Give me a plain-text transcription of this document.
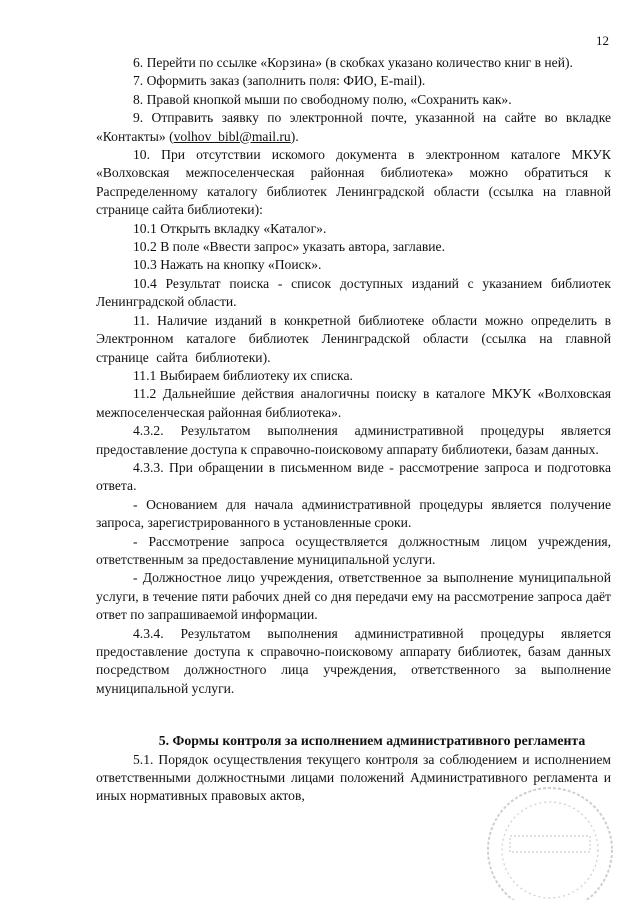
12

6. Перейти по ссылке «Корзина» (в скобках указано количество книг в ней).

7. Оформить заказ (заполнить поля: ФИО, E-mail).

8. Правой кнопкой мыши по свободному полю, «Сохранить как».

9. Отправить заявку по электронной почте, указанной на сайте во вкладке «Контакты» (volhov_bibl@mail.ru).

10. При отсутствии искомого документа в электронном каталоге МКУК «Волховская межпоселенческая районная библиотека» можно обратиться к Распределенному каталогу библиотек Ленинградской области (ссылка на главной странице сайта библиотеки):

10.1 Открыть вкладку «Каталог».

10.2 В поле «Ввести запрос» указать автора, заглавие.

10.3 Нажать на кнопку «Поиск».

10.4 Результат поиска - список доступных изданий с указанием библиотек Ленинградской области.

11. Наличие изданий в конкретной библиотеке области можно определить в Электронном каталоге библиотек Ленинградской области (ссылка на главной странице сайта библиотеки).

11.1 Выбираем библиотеку их списка.

11.2 Дальнейшие действия аналогичны поиску в каталоге МКУК «Волховская межпоселенческая районная библиотека».

4.3.2. Результатом выполнения административной процедуры является предоставление доступа к справочно-поисковому аппарату библиотеки, базам данных.

4.3.3. При обращении в письменном виде - рассмотрение запроса и подготовка ответа.

- Основанием для начала административной процедуры является получение запроса, зарегистрированного в установленные сроки.

- Рассмотрение запроса осуществляется должностным лицом учреждения, ответственным за предоставление муниципальной услуги.

- Должностное лицо учреждения, ответственное за выполнение муниципальной услуги, в течение пяти рабочих дней со дня передачи ему на рассмотрение запроса даёт ответ по запрашиваемой информации.

4.3.4. Результатом выполнения административной процедуры является предоставление доступа к справочно-поисковому аппарату библиотек, базам данных посредством должностного лица учреждения, ответственного за выполнение муниципальной услуги.

5. Формы контроля за исполнением административного регламента

5.1. Порядок осуществления текущего контроля за соблюдением и исполнением ответственными должностными лицами положений Административного регламента и иных нормативных правовых актов,
